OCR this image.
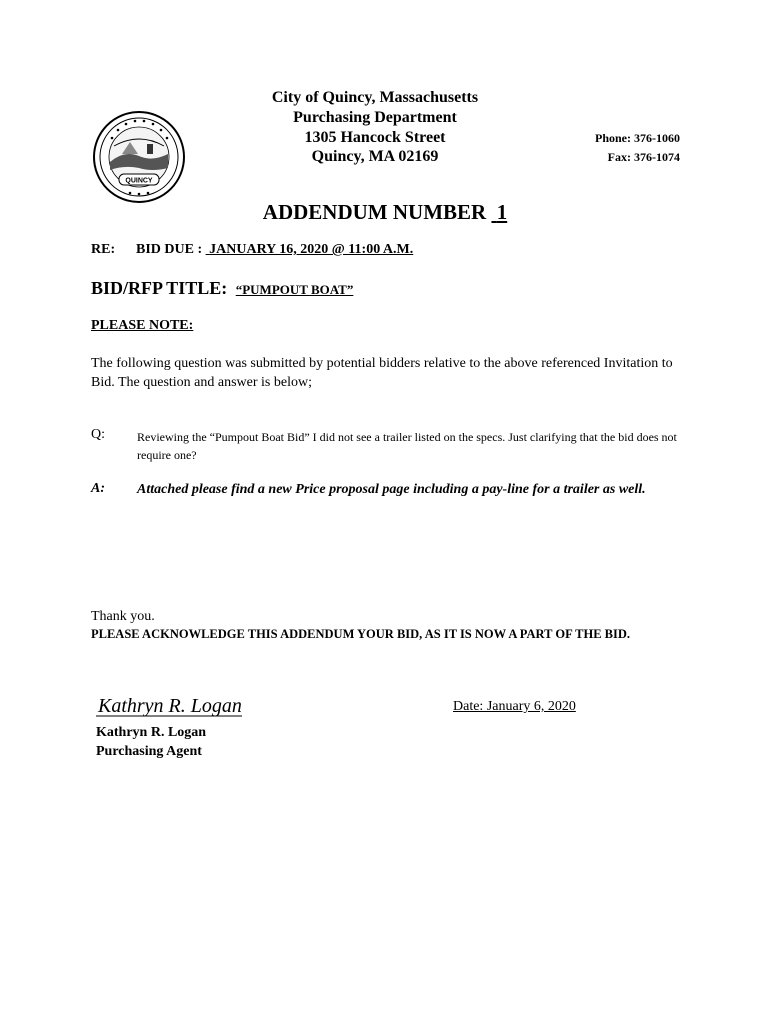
QUINCY
City of Quincy, Massachusetts
Purchasing Department
1305 Hancock Street
Quincy, MA 02169
Phone: 376-1060
Fax: 376-1074
ADDENDUM NUMBER 1
RE: BID DUE : JANUARY 16, 2020 @ 11:00 A.M.
BID/RFP TITLE: “PUMPOUT BOAT”
PLEASE NOTE:
The following question was submitted by potential bidders relative to the above referenced Invitation to Bid. The question and answer is below;
Q:	Reviewing the “Pumpout Boat Bid” I did not see a trailer listed on the specs. Just clarifying that the bid does not require one?
A: Attached please find a new Price proposal page including a pay-line for a trailer as well.
Thank you.
PLEASE ACKNOWLEDGE THIS ADDENDUM YOUR BID, AS IT IS NOW A PART OF THE BID.
Kathryn R. Logan	Date: January 6, 2020
Kathryn R. Logan
Purchasing Agent
